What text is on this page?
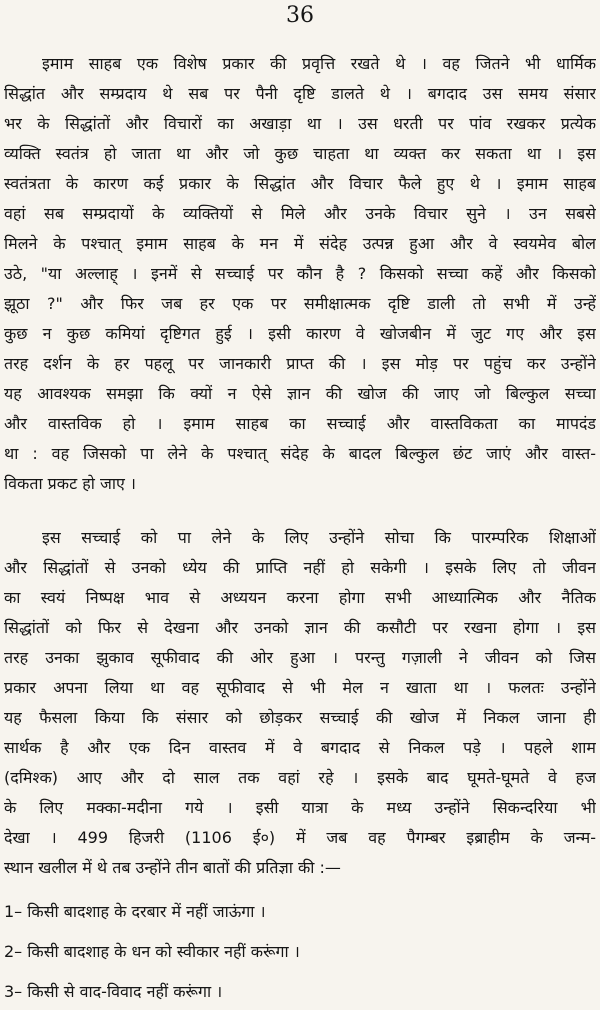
36
इमाम साहब एक विशेष प्रकार की प्रवृत्ति रखते थे । वह जितने भी धार्मिक
सिद्धांत और सम्प्रदाय थे सब पर पैनी दृष्टि डालते थे । बगदाद उस समय संसार
भर के सिद्धांतों और विचारों का अखाड़ा था । उस धरती पर पांव रखकर प्रत्येक
व्यक्ति स्वतंत्र हो जाता था और जो कुछ चाहता था व्यक्त कर सकता था । इस
स्वतंत्रता के कारण कई प्रकार के सिद्धांत और विचार फैले हुए थे । इमाम साहब
वहां सब सम्प्रदायों के व्यक्तियों से मिले और उनके विचार सुने । उन सबसे
मिलने के पश्चात् इमाम साहब के मन में संदेह उत्पन्न हुआ और वे स्वयमेव बोल
उठे, "या अल्लाह् । इनमें से सच्चाई पर कौन है ? किसको सच्चा कहें और किसको
झूठा ?" और फिर जब हर एक पर समीक्षात्मक दृष्टि डाली तो सभी में उन्हें
कुछ न कुछ कमियां दृष्टिगत हुई । इसी कारण वे खोजबीन में जुट गए और इस
तरह दर्शन के हर पहलू पर जानकारी प्राप्त की । इस मोड़ पर पहुंच कर उन्होंने
यह आवश्यक समझा कि क्यों न ऐसे ज्ञान की खोज की जाए जो बिल्कुल सच्चा
और वास्तविक हो । इमाम साहब का सच्चाई और वास्तविकता का मापदंड
था : वह जिसको पा लेने के पश्चात् संदेह के बादल बिल्कुल छंट जाएं और वास्त-
विकता प्रकट हो जाए ।
इस सच्चाई को पा लेने के लिए उन्होंने सोचा कि पारम्परिक शिक्षाओं
और सिद्धांतों से उनको ध्येय की प्राप्ति नहीं हो सकेगी । इसके लिए तो जीवन
का स्वयं निष्पक्ष भाव से अध्ययन करना होगा सभी आध्यात्मिक और नैतिक
सिद्धांतों को फिर से देखना और उनको ज्ञान की कसौटी पर रखना होगा । इस
तरह उनका झुकाव सूफीवाद की ओर हुआ । परन्तु गज़ाली ने जीवन को जिस
प्रकार अपना लिया था वह सूफीवाद से भी मेल न खाता था । फलतः उन्होंने
यह फैसला किया कि संसार को छोड़कर सच्चाई की खोज में निकल जाना ही
सार्थक है और एक दिन वास्तव में वे बगदाद से निकल पड़े । पहले शाम
(दमिश्क) आए और दो साल तक वहां रहे । इसके बाद घूमते-घूमते वे हज
के लिए मक्का-मदीना गये । इसी यात्रा के मध्य उन्होंने सिकन्दरिया भी
देखा । 499 हिजरी (1106 ई०) में जब वह पैगम्बर इब्राहीम के जन्म-
स्थान खलील में थे तब उन्होंने तीन बातों की प्रतिज्ञा की :—
1– किसी बादशाह के दरबार में नहीं जाऊंगा ।
2– किसी बादशाह के धन को स्वीकार नहीं करूंगा ।
3– किसी से वाद-विवाद नहीं करूंगा ।
